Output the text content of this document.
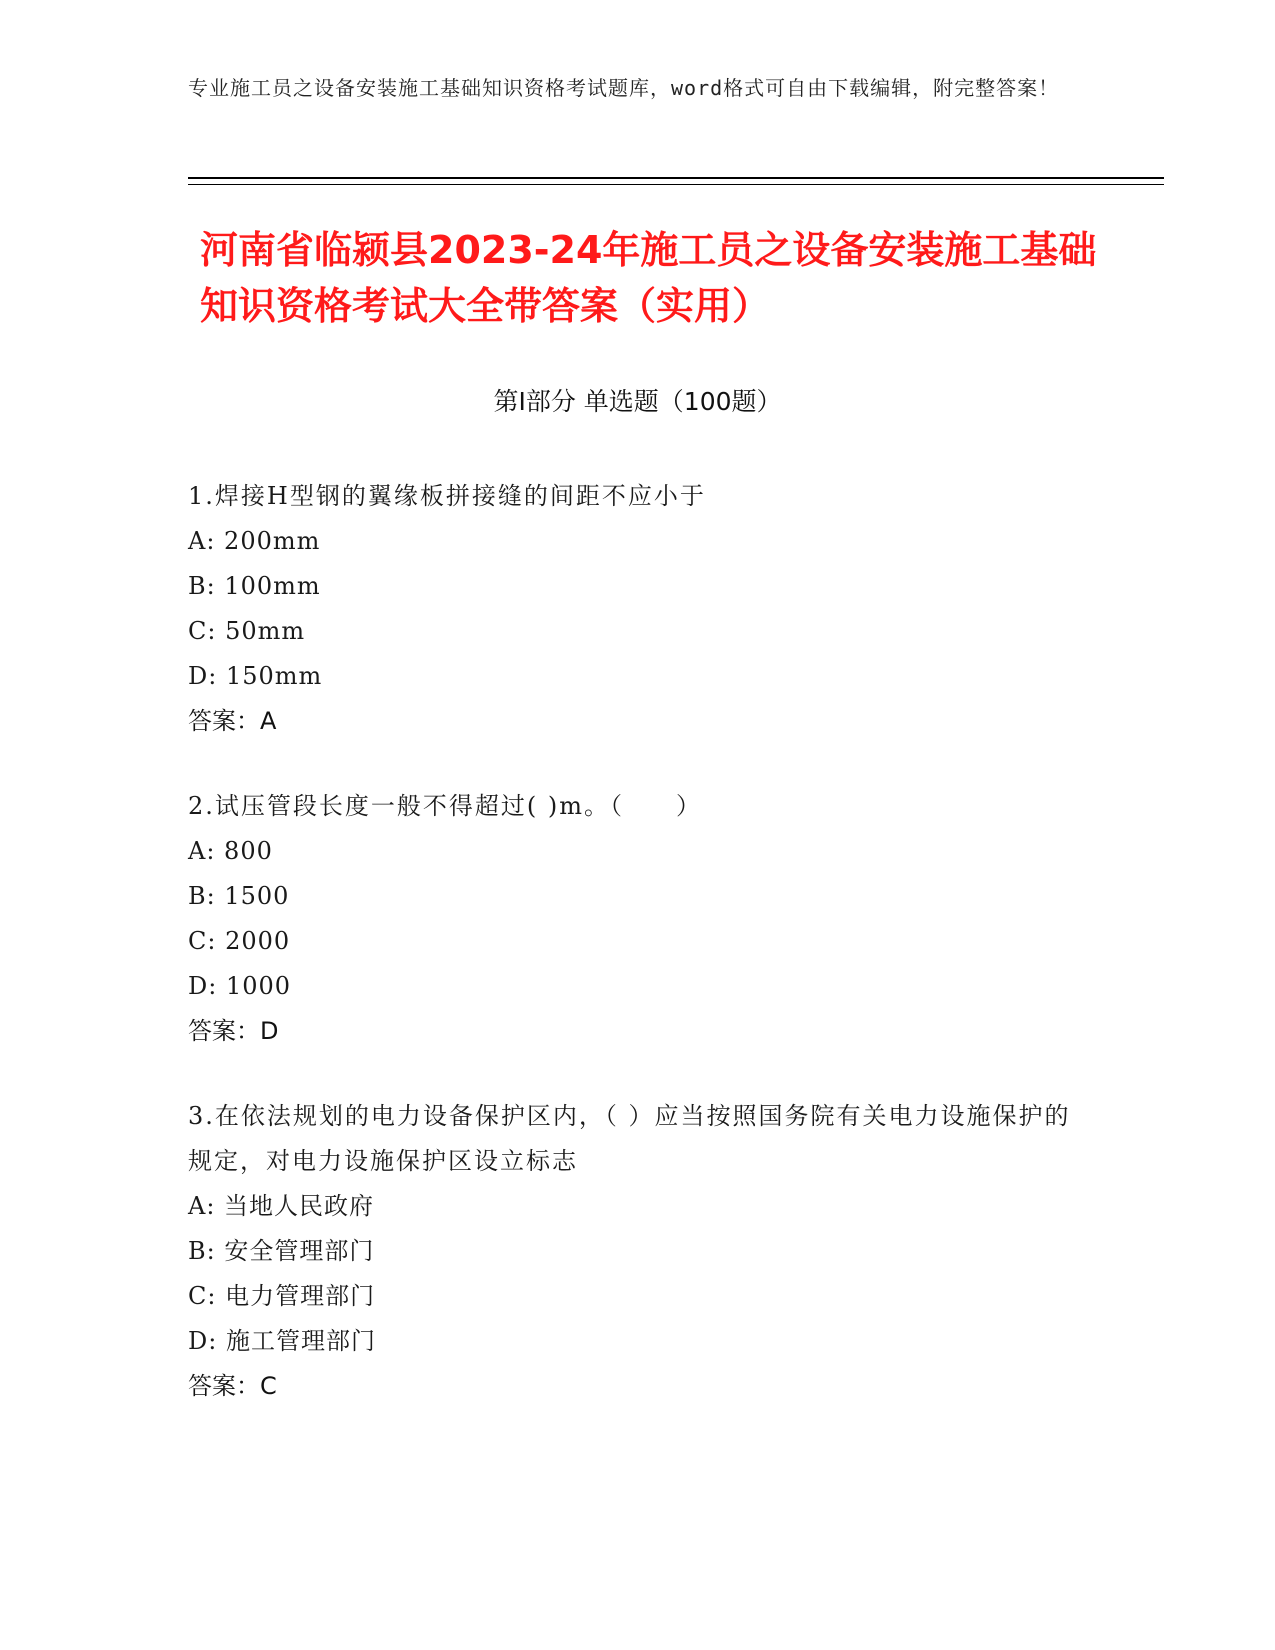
专业施工员之设备安装施工基础知识资格考试题库，word格式可自由下载编辑，附完整答案！
河南省临颍县2023-24年施工员之设备安装施工基础知识资格考试大全带答案（实用）
第Ⅰ部分 单选题（100题）

1.焊接H型钢的翼缘板拼接缝的间距不应小于

A: 200mm

B: 100mm

C: 50mm

D: 150mm

答案：A

2.试压管段长度一般不得超过( )m。（　　）

A: 800

B: 1500

C: 2000

D: 1000

答案：D

3.在依法规划的电力设备保护区内，（ ）应当按照国务院有关电力设施保护的规定，对电力设施保护区设立标志

A: 当地人民政府

B: 安全管理部门

C: 电力管理部门

D: 施工管理部门

答案：C
